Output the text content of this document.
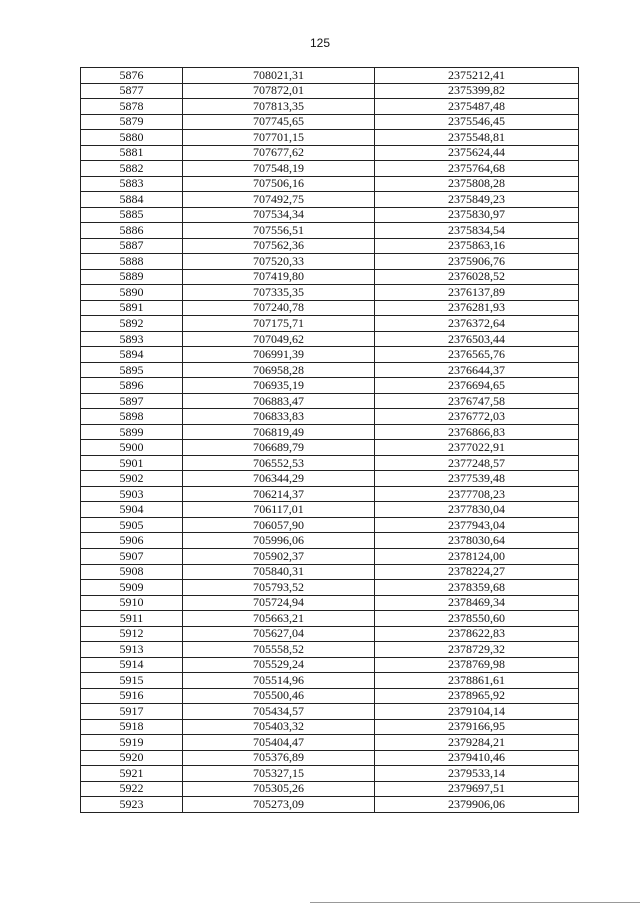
125
5876	708021,31	2375212,41
5877	707872,01	2375399,82
5878	707813,35	2375487,48
5879	707745,65	2375546,45
5880	707701,15	2375548,81
5881	707677,62	2375624,44
5882	707548,19	2375764,68
5883	707506,16	2375808,28
5884	707492,75	2375849,23
5885	707534,34	2375830,97
5886	707556,51	2375834,54
5887	707562,36	2375863,16
5888	707520,33	2375906,76
5889	707419,80	2376028,52
5890	707335,35	2376137,89
5891	707240,78	2376281,93
5892	707175,71	2376372,64
5893	707049,62	2376503,44
5894	706991,39	2376565,76
5895	706958,28	2376644,37
5896	706935,19	2376694,65
5897	706883,47	2376747,58
5898	706833,83	2376772,03
5899	706819,49	2376866,83
5900	706689,79	2377022,91
5901	706552,53	2377248,57
5902	706344,29	2377539,48
5903	706214,37	2377708,23
5904	706117,01	2377830,04
5905	706057,90	2377943,04
5906	705996,06	2378030,64
5907	705902,37	2378124,00
5908	705840,31	2378224,27
5909	705793,52	2378359,68
5910	705724,94	2378469,34
5911	705663,21	2378550,60
5912	705627,04	2378622,83
5913	705558,52	2378729,32
5914	705529,24	2378769,98
5915	705514,96	2378861,61
5916	705500,46	2378965,92
5917	705434,57	2379104,14
5918	705403,32	2379166,95
5919	705404,47	2379284,21
5920	705376,89	2379410,46
5921	705327,15	2379533,14
5922	705305,26	2379697,51
5923	705273,09	2379906,06
